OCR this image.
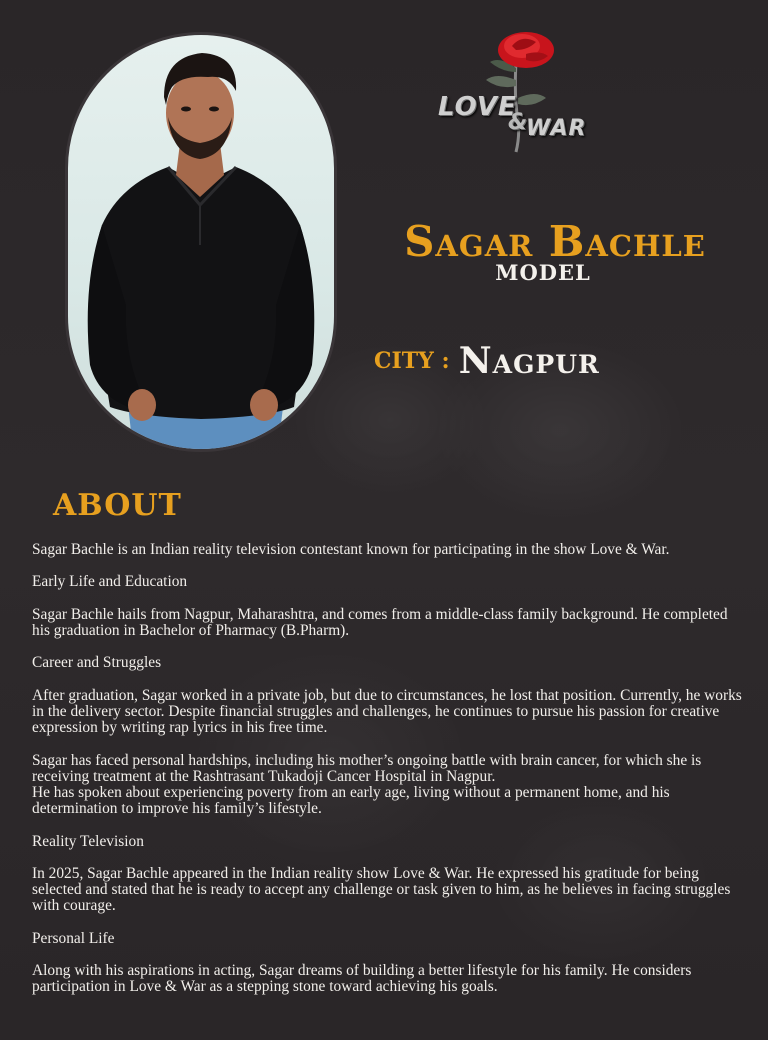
LOVE
&
WAR
Sagar Bachle
MODEL
CITY : Nagpur
ABOUT

Sagar Bachle is an Indian reality television contestant known for participating in the show Love & War.

Early Life and Education

Sagar Bachle hails from Nagpur, Maharashtra, and comes from a middle-class family background. He completed his graduation in Bachelor of Pharmacy (B.Pharm).

Career and Struggles

After graduation, Sagar worked in a private job, but due to circumstances, he lost that position. Currently, he works in the delivery sector. Despite financial struggles and challenges, he continues to pursue his passion for creative expression by writing rap lyrics in his free time.

Sagar has faced personal hardships, including his mother’s ongoing battle with brain cancer, for which she is receiving treatment at the Rashtrasant Tukadoji Cancer Hospital in Nagpur.

He has spoken about experiencing poverty from an early age, living without a permanent home, and his determination to improve his family’s lifestyle.

Reality Television

In 2025, Sagar Bachle appeared in the Indian reality show Love & War. He expressed his gratitude for being selected and stated that he is ready to accept any challenge or task given to him, as he believes in facing struggles with courage.

Personal Life

Along with his aspirations in acting, Sagar dreams of building a better lifestyle for his family. He considers participation in Love & War as a stepping stone toward achieving his goals.
